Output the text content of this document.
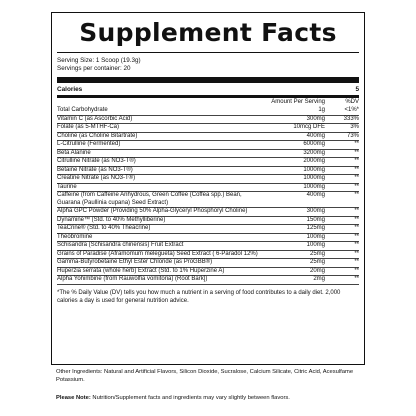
Supplement Facts
Serving Size: 1 Scoop (19.3g)
Servings per container: 20
Calories	5
Amount Per Serving	%DV
Total Carbohydrate	1g	<1%*
Vitamin C (as Ascorbic Acid)	300mg	333%
Folate (as 5-MTHF-Ca)	10mcg DFE	3%
Choline (as Choline Bitartrate)	400mg	73%
L-Citrulline (Fermented)	6000mg	**
Beta Alanine	3200mg	**
Citrulline Nitrate (as NO3-T®)	2000mg	**
Betaine Nitrate (as NO3-T®)	1000mg	**
Creatine Nitrate (as NO3-T®)	1000mg	**
Taurine	1000mg	**
Caffeine (from Caffeine Anhydrous, Green Coffee (Coffea spp.) Bean, Guarana (Paullinia cupana) Seed Extract)
400mg	**
Alpha GPC Powder (Providing 50% Alpha-Glyceryl Phosphoryl Choline)	300mg	**
Dynamine™ (Std. to 40% Methylliberine)	150mg	**
TeaCrine® (Std. to 40% Theacrine)	125mg	**
Theobromine	100mg	**
Schisandra (Schisandra chinensis) Fruit Extract	100mg	**
Grains of Paradise (Aframomum melegueta) Seed Extract ( 6-Paradol 12%)	25mg	**
Gamma-Butyrobetaine Ethyl Ester Chloride (as ProGBB®)	25mg	**
Huperzia serrata (whole herb) Extract (Std. to 1% Huperzine A)	20mg	**
Alpha Yohimbine (from Rauwolfia vomitoria) (Root Bark])	2mg	**
*The % Daily Value (DV) tells you how much a nutrient in a serving of food contributes to a daily diet. 2,000 calories a day is used for general nutrition advice.
Other Ingredients: Natural and Artificial Flavors, Silicon Dioxide, Sucralose, Calcium Silicate, Citric Acid, Acesulfame Potassium.
Please Note: Nutrition/Supplement facts and ingredients may vary slightly between flavors.
